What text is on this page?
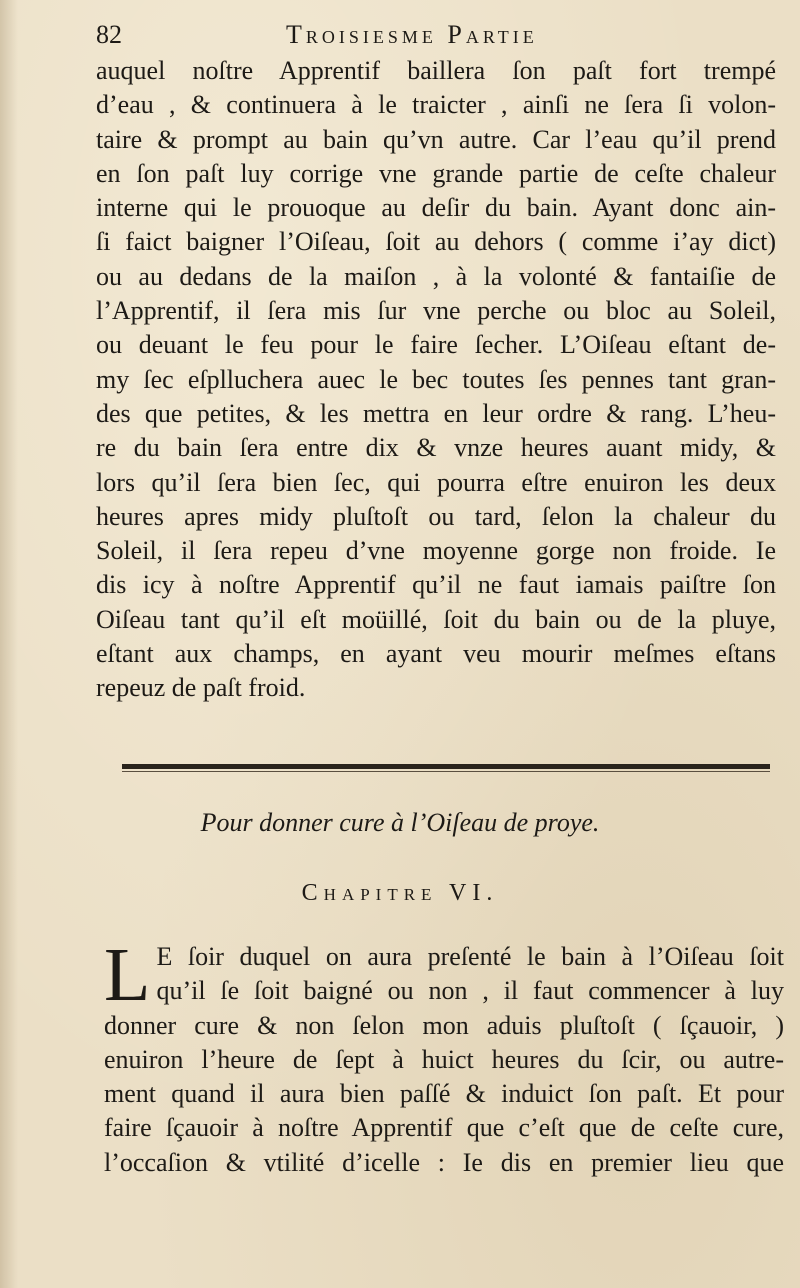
82	Troisiesme Partie
auquel noſtre Apprentif baillera ſon paſt fort trempé
d’eau , & continuera à le traicter , ainſi ne ſera ſi volon-
taire & prompt au bain qu’vn autre. Car l’eau qu’il prend
en ſon paſt luy corrige vne grande partie de ceſte chaleur
interne qui le prouoque au deſir du bain. Ayant donc ain-
ſi faict baigner l’Oiſeau, ſoit au dehors ( comme i’ay dict)
ou au dedans de la maiſon , à la volonté & fantaiſie de
l’Apprentif, il ſera mis ſur vne perche ou bloc au Soleil,
ou deuant le feu pour le faire ſecher. L’Oiſeau eſtant de-
my ſec eſplluchera auec le bec toutes ſes pennes tant gran-
des que petites, & les mettra en leur ordre & rang. L’heu-
re du bain ſera entre dix & vnze heures auant midy, &
lors qu’il ſera bien ſec, qui pourra eſtre enuiron les deux
heures apres midy pluſtoſt ou tard, ſelon la chaleur du
Soleil, il ſera repeu d’vne moyenne gorge non froide. Ie
dis icy à noſtre Apprentif qu’il ne faut iamais paiſtre ſon
Oiſeau tant qu’il eſt moüillé, ſoit du bain ou de la pluye,
eſtant aux champs, en ayant veu mourir meſmes eſtans
repeuz de paſt froid.
Pour donner cure à l’Oiſeau de proye.
Chapitre VI.
L E ſoir duquel on aura preſenté le bain à l’Oiſeau ſoit
qu’il ſe ſoit baigné ou non , il faut commencer à luy
donner cure & non ſelon mon aduis pluſtoſt ( ſçauoir, )
enuiron l’heure de ſept à huict heures du ſcir, ou autre-
ment quand il aura bien paſſé & induict ſon paſt. Et pour
faire ſçauoir à noſtre Apprentif que c’eſt que de ceſte cure,
l’occaſion & vtilité d’icelle : Ie dis en premier lieu que
